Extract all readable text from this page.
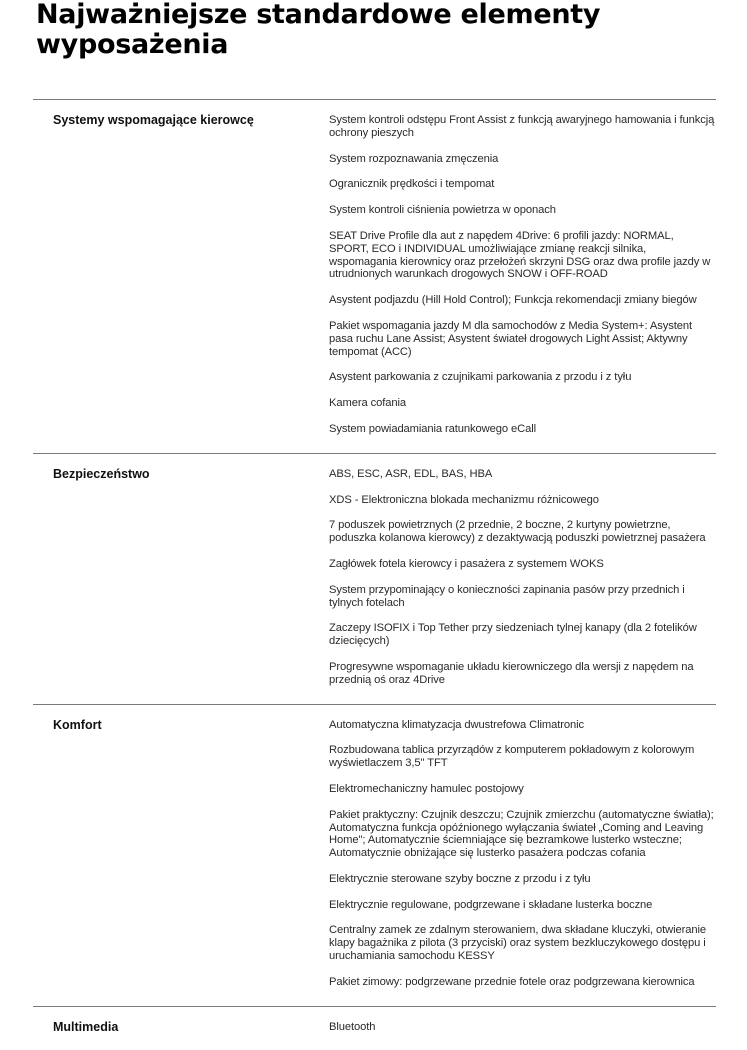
Najważniejsze standardowe elementy wyposażenia
Systemy wspomagające kierowcę	System kontroli odstępu Front Assist z funkcją awaryjnego hamowania i funkcją ochrony pieszych
System rozpoznawania zmęczenia
Ogranicznik prędkości i tempomat
System kontroli ciśnienia powietrza w oponach
SEAT Drive Profile dla aut z napędem 4Drive: 6 profili jazdy: NORMAL, SPORT, ECO i INDIVIDUAL umożliwiające zmianę reakcji silnika, wspomagania kierownicy oraz przełożeń skrzyni DSG oraz dwa profile jazdy w utrudnionych warunkach drogowych SNOW i OFF-ROAD
Asystent podjazdu (Hill Hold Control); Funkcja rekomendacji zmiany biegów
Pakiet wspomagania jazdy M dla samochodów z Media System+: Asystent pasa ruchu Lane Assist; Asystent świateł drogowych Light Assist; Aktywny tempomat (ACC)
Asystent parkowania z czujnikami parkowania z przodu i z tyłu
Kamera cofania
System powiadamiania ratunkowego eCall
Bezpieczeństwo	ABS, ESC, ASR, EDL, BAS, HBA
XDS - Elektroniczna blokada mechanizmu różnicowego
7 poduszek powietrznych (2 przednie, 2 boczne, 2 kurtyny powietrzne, poduszka kolanowa kierowcy) z dezaktywacją poduszki powietrznej pasażera
Zagłówek fotela kierowcy i pasażera z systemem WOKS
System przypominający o konieczności zapinania pasów przy przednich i tylnych fotelach
Zaczepy ISOFIX i Top Tether przy siedzeniach tylnej kanapy (dla 2 fotelików dziecięcych)
Progresywne wspomaganie układu kierowniczego dla wersji z napędem na przednią oś oraz 4Drive
Komfort	Automatyczna klimatyzacja dwustrefowa Climatronic
Rozbudowana tablica przyrządów z komputerem pokładowym z kolorowym wyświetlaczem 3,5" TFT
Elektromechaniczny hamulec postojowy
Pakiet praktyczny: Czujnik deszczu; Czujnik zmierzchu (automatyczne światła); Automatyczna funkcja opóźnionego wyłączania świateł „Coming and Leaving Home"; Automatycznie ściemniające się bezramkowe lusterko wsteczne; Automatycznie obniżające się lusterko pasażera podczas cofania
Elektrycznie sterowane szyby boczne z przodu i z tyłu
Elektrycznie regulowane, podgrzewane i składane lusterka boczne
Centralny zamek ze zdalnym sterowaniem, dwa składane kluczyki, otwieranie klapy bagażnika z pilota (3 przyciski) oraz system bezkluczykowego dostępu i uruchamiania samochodu KESSY
Pakiet zimowy: podgrzewane przednie fotele oraz podgrzewana kierownica
Multimedia	Bluetooth
